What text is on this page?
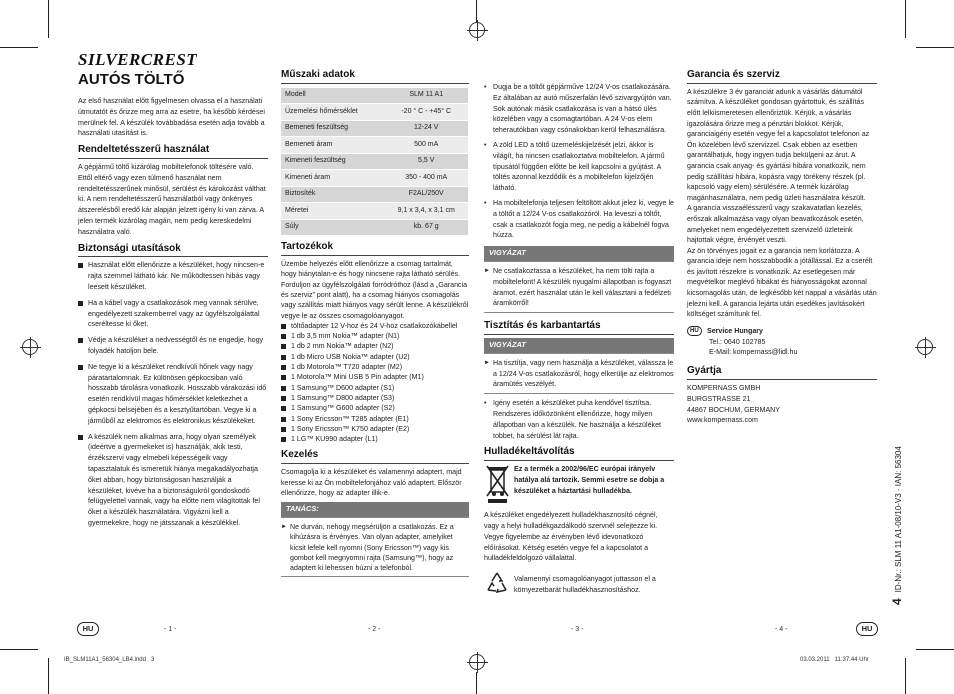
SILVERCREST
AUTÓS TÖLTŐ

Az első használat előtt figyelmesen olvassa el a használati útmutatót és őrizze meg arra az esetre, ha később kérdései merülnek fel. A készülék továbbadása esetén adja tovább a használati utasítást is.

Rendeltetésszerű használat

A gépjármű töltő kizárólag mobiltelefonok töltésére való. Ettől eltérő vagy ezen túlmenő használat nem rendeltetésszerűnek minősül, sérülést és károkozást válthat ki. A nem rendeltetésszerű használatból vagy önkényes átszerelésből eredő kár alapján jelzett igény ki van zárva. A jelen termék kizárólag magán, nem pedig kereskedelmi használatra való.

Biztonsági utasítások

Használat előtt ellenőrizze a készüléket, hogy nincsen-e rajta szemmel látható kár. Ne működtessen hibás vagy leesett készüléket.

Ha a kábel vagy a csatlakozások meg vannak sérülve, engedélyezett szakemberrel vagy az ügyfélszolgálattal cseréltesse ki őket.

Védje a készüléket a nedvességtől és ne engedje, hogy folyadék hatoljon bele.

Ne tegye ki a készüléket rendkívüli hőnek vagy nagy páratartalomnak. Ez különösen gépkocsiban való hosszabb tárolásra vonatkozik. Hosszabb várakozási idő esetén rendkívül magas hőmérséklet keletkezhet a gépkocsi belsejében és a kesztyűtartóban. Vegye ki a járműből az elektromos és elektronikus készülékeket.

A készülék nem alkalmas arra, hogy olyan személyek (ideértve a gyermekeket is) használják, akik testi, érzékszervi vagy elmebeli képességeik vagy tapasztalatuk és ismeretük hiánya megakadályozhatja őket abban, hogy biztonságosan használják a készüléket, kivéve ha a biztonságukról gondoskodó felügyelettel vannak, vagy ha előtte nem világítottak fel őket a készülék használatára. Vigyázni kell a gyermekekre, hogy ne játsszanak a készülékkel.

Műszaki adatok
Modell	SLM 11 A1
Üzemelési hőmérséklet	-20 ° C - +45° C
Bemeneti feszültség	12-24 V
Bemeneti áram	500 mA
Kimeneti feszültség	5,5 V
Kimeneti áram	350 - 400 mA
Biztosíték	F2AL/250V
Méretei	9,1 x 3,4, x 3,1 cm
Súly	kb. 67 g
Tartozékok

Üzembe helyezés előtt ellenőrizze a csomag tartalmát, hogy hiánytalan-e és hogy nincsene rajta látható sérülés. Forduljon az ügyfélszolgálati forródróthoz (lásd a „Garancia és szerviz” pont alatt), ha a csomag hiányos csomagolás vagy szállítás miatt hiányos vagy sérült lenne. A készülékről vegye le az összes csomagolóanyagot.

töltőadapter 12 V-hoz és 24 V-hoz csatlakozókábellel

1 db 3,5 mm Nokia™ adapter (N1)

1 db 2 mm Nokia™ adapter (N2)

1 db Micro USB Nokia™ adapter (U2)

1 db Motorola™ T720 adapter (M2)

1 Motorola™ Mini USB 5 Pin adapter (M1)

1 Samsung™ D600 adapter (S1)

1 Samsung™ D800 adapter (S3)

1 Samsung™ G600 adapter (S2)

1 Sony Ericsson™ T285 adapter (E1)

1 Sony Ericsson™ K750 adapter (E2)

1 LG™ KU990 adapter (L1)

Kezelés

Csomagolja ki a készüléket és valamennyi adaptert, majd keresse ki az Ön mobiltelefonjához való adaptert. Először ellenőrizze, hogy az adapter illik-e.

TANÁCS:

► Ne durván, nehogy megsérüljön a csatlakozás. Ez a kihúzásra is érvényes. Van olyan adapter, amelyiket kicsit lefele kell nyomni (Sony Ericsson™) vagy kis gombot kell megnyomni rajta (Samsung™), hogy az adaptert ki lehessen húzni a telefonból.

• Dugja be a töltőt gépjárműve 12/24 V-os csatlakozására. Ez általában az autó műszerfalán lévő szivargyújtón van. Sok autónak másik csatlakozása is van a hátsó ülés közelében vagy a csomagtartóban. A 24 V-os elem teherautókban vagy csónakokban kerül felhasználásra.

• A zöld LED a töltő üzemeléskijelzését jelzi, ákkor is világít, ha nincsen csatlakoztatva mobiltelefon. A jármű típusától függően előtte be kell kapcsolni a gyújtást. A töltés azonnal kezdődik és a mobiltelefon kijelzőjén látható.

• Ha mobiltelefonja teljesen feltöltött akkut jelez ki, vegye le a töltőt a 12/24 V-os csatlakozóról. Ha leveszi a töltőt, csak a csatlakozót fogja meg, ne pedig a kábelnél fogva húzza.

VIGYÁZAT

► Ne csatlakoztassa a készüléket, ha nem tölti rajta a mobiltelefont! A készülék nyugalmi állapotban is fogyaszt áramot, ezért használat után le kell választani a fedélzeti áramkörről!

Tisztítás és karbantartás
VIGYÁZAT

► Ha tisztítja, vagy nem használja a készüléket, válassza le a 12/24 V-os csatlakozásról, hogy elkerülje az elektromos áramütés veszélyét.

• Igény esetén a készüléket puha kendővel tisztítsa. Rendszeres időközönként ellenőrizze, hogy milyen állapotban van a készülék. Ne használja a készüléket tobbet, ha sérülést lát rajta.

Hulladékeltávolítás

Ez a termék a 2002/96/EC európai irányelv hatálya alá tartozik. Semmi esetre se dobja a készüléket a háztartási hulladékba.

A készüléket engedélyezett hulladékhasznosító cégnél, vagy a helyi hulladékgazdálkodó szervnél selejtezze ki. Vegye figyelembe az érvényben lévő idevonatkozó előírásokat. Kétség esetén vegye fel a kapcsolatot a hulladékfeldolgozó vállalattal.

Valamennyi csomagolóanyagot juttasson el a környezetbarát hulladékhasznosításhoz.

Garancia és szerviz

A készülékre 3 év garanciát adunk a vásárlás dátumától számítva. A készüléket gondosan gyártottuk, és szállítás előtt lelkiismeretesen ellenőriztük. Kérjük, a vásárlás igazolására őrizze meg a pénztári blokkot. Kérjük, garanciaigény esetén vegye fel a kapcsolatot telefonon az Ön közelében lévő szervizzel. Csak ebben az esetben garantálhatjuk, hogy ingyen tudja bekülдeni az árut. A garancia csak anyag- és gyártási hibára vonatkozik, nem pedig szállítási hibára, kopásra vagy törékeny részek (pl. kapcsoló vagy elem) sérülésére. A termék kizárólag magánhasználatra, nem pedig üzleti használatra készült.
A garancia visszaélésszerű vagy szakavatatlan kezelés, erőszak alkalmazása vagy olyan beavatkozások esetén, amelyeket nem engedélyezettett szervizelő üzleteink hajtottak végre, érvényét veszti.
Az ön törvényes jogait ez a garancia nem korlátozza. A garancia ideje nem hosszabbodik a jótállással. Ez a cserélt és javított részekre is vonatkozik. Az esetlegesen már megvételkor meglévő hibákat és hiányosságokat azonnal kicsomagolás után, de legkésőbb két nappal a vásárlás után jelezni kell. A garancia lejárta után esedékes javításokért költséget számítunk fel.

HU	Service Hungary

Tel.: 0640 102785

E-Mail: kompernass@lidl.hu

Gyártja

KOMPERNASS GMBH

BURGSTRASSE 21

44867 BOCHUM, GERMANY

www.kompernass.com

4ID-Nr.: SLM 11 A1-08/10-V3 · IAN: 56304
HU	HU
- 1 -	- 2 -	- 3 -	- 4 -
IB_SLM11A1_56304_LB4.indd   3	03.03.2011   11:37:44 Uhr
